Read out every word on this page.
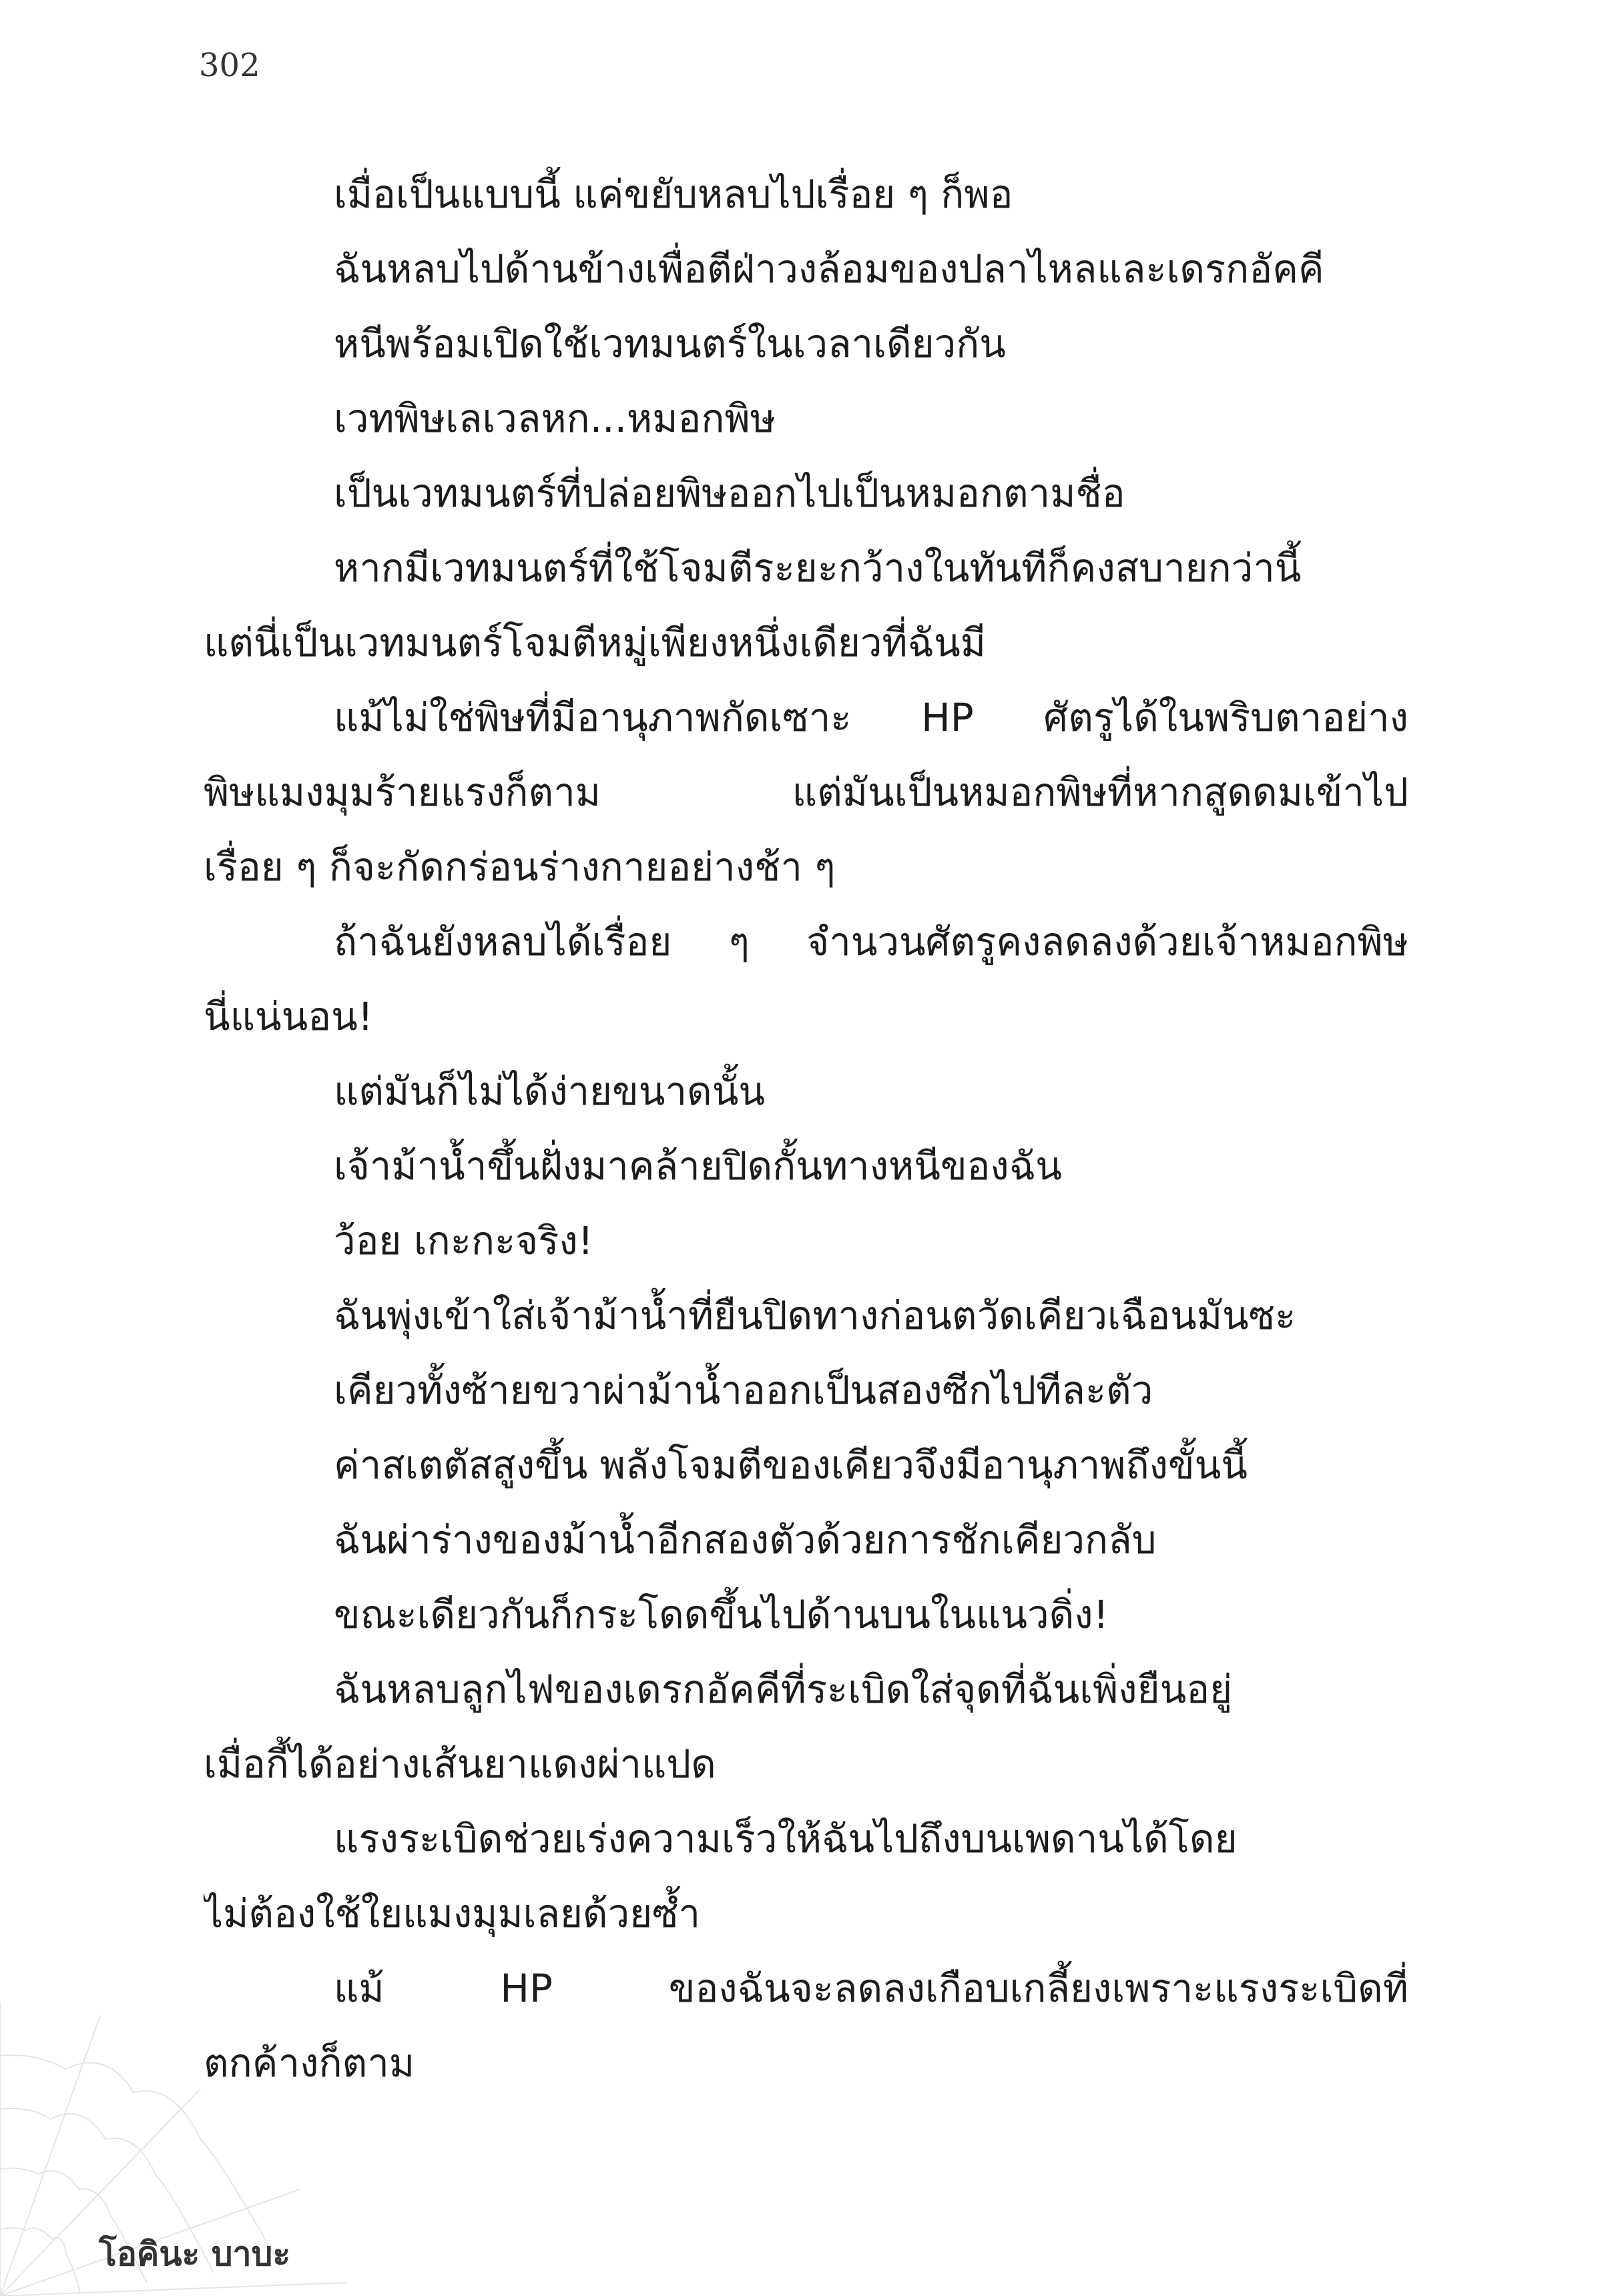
302
เมื่อเป็นแบบนี้ แค่ขยับหลบไปเรื่อย ๆ ก็พอ
ฉันหลบไปด้านข้างเพื่อตีฝ่าวงล้อมของปลาไหลและเดรกอัคคี
หนีพร้อมเปิดใช้เวทมนตร์ในเวลาเดียวกัน
เวทพิษเลเวลหก...หมอกพิษ
เป็นเวทมนตร์ที่ปล่อยพิษออกไปเป็นหมอกตามชื่อ
หากมีเวทมนตร์ที่ใช้โจมตีระยะกว้างในทันทีก็คงสบายกว่านี้
แต่นี่เป็นเวทมนตร์โจมตีหมู่เพียงหนึ่งเดียวที่ฉันมี
แม้ไม่ใช่พิษที่มีอานุภาพกัดเซาะ HP ศัตรูได้ในพริบตาอย่าง
พิษแมงมุมร้ายแรงก็ตาม แต่มันเป็นหมอกพิษที่หากสูดดมเข้าไป
เรื่อย ๆ ก็จะกัดกร่อนร่างกายอย่างช้า ๆ
ถ้าฉันยังหลบได้เรื่อย ๆ จำนวนศัตรูคงลดลงด้วยเจ้าหมอกพิษ
นี่แน่นอน!
แต่มันก็ไม่ได้ง่ายขนาดนั้น
เจ้าม้าน้ำขึ้นฝั่งมาคล้ายปิดกั้นทางหนีของฉัน
ว้อย เกะกะจริง!
ฉันพุ่งเข้าใส่เจ้าม้าน้ำที่ยืนปิดทางก่อนตวัดเคียวเฉือนมันซะ
เคียวทั้งซ้ายขวาผ่าม้าน้ำออกเป็นสองซีกไปทีละตัว
ค่าสเตตัสสูงขึ้น พลังโจมตีของเคียวจึงมีอานุภาพถึงขั้นนี้
ฉันผ่าร่างของม้าน้ำอีกสองตัวด้วยการชักเคียวกลับ
ขณะเดียวกันก็กระโดดขึ้นไปด้านบนในแนวดิ่ง!
ฉันหลบลูกไฟของเดรกอัคคีที่ระเบิดใส่จุดที่ฉันเพิ่งยืนอยู่
เมื่อกี้ได้อย่างเส้นยาแดงผ่าแปด
แรงระเบิดช่วยเร่งความเร็วให้ฉันไปถึงบนเพดานได้โดย
ไม่ต้องใช้ใยแมงมุมเลยด้วยซ้ำ
แม้ HP ของฉันจะลดลงเกือบเกลี้ยงเพราะแรงระเบิดที่
ตกค้างก็ตาม
โอคินะ บาบะ
